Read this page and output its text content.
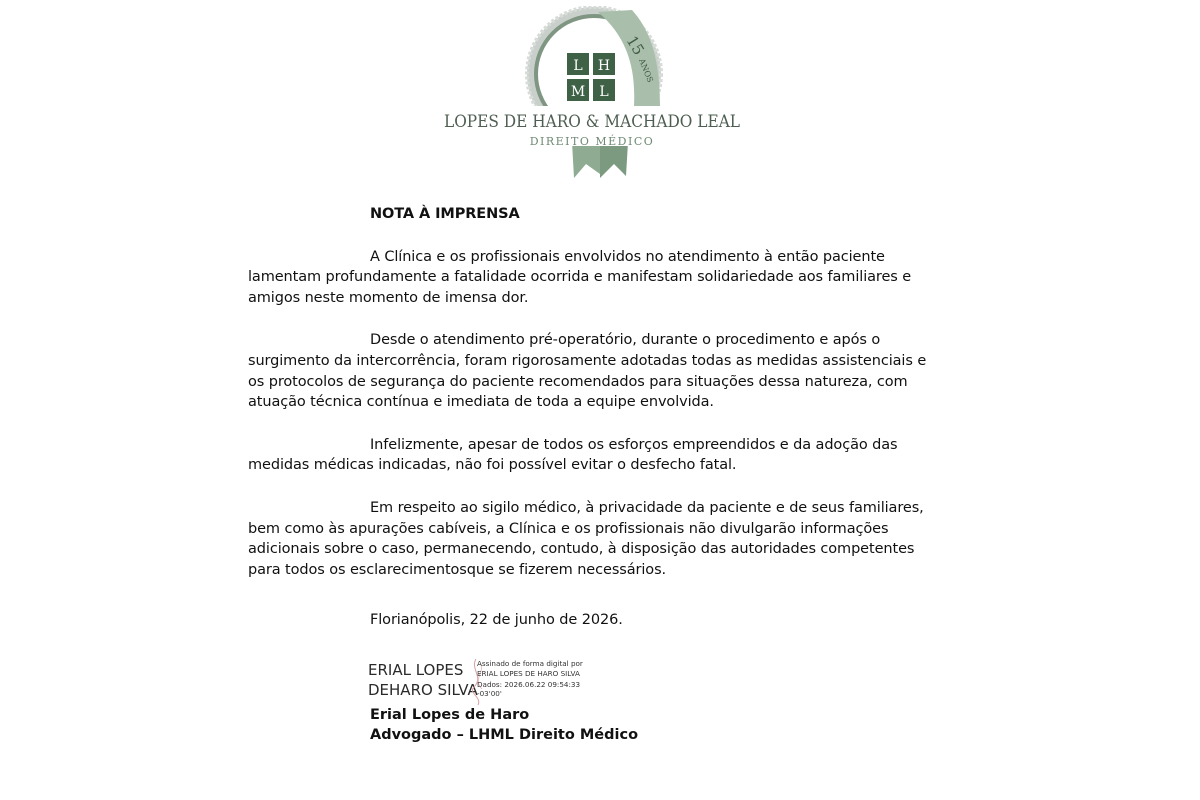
15
ANOS
L H
M L
LOPES DE HARO & MACHADO LEAL
DIREITO MÉDICO
NOTA À IMPRENSA

A Clínica e os profissionais envolvidos no atendimento à então paciente lamentam profundamente a fatalidade ocorrida e manifestam solidariedade aos familiares e amigos neste momento de imensa dor.

Desde o atendimento pré-operatório, durante o procedimento e após o surgimento da intercorrência, foram rigorosamente adotadas todas as medidas assistenciais e os protocolos de segurança do paciente recomendados para situações dessa natureza, com atuação técnica contínua e imediata de toda a equipe envolvida.

Infelizmente, apesar de todos os esforços empreendidos e da adoção das medidas médicas indicadas, não foi possível evitar o desfecho fatal.

Em respeito ao sigilo médico, à privacidade da paciente e de seus familiares, bem como às apurações cabíveis, a Clínica e os profissionais não divulgarão informações adicionais sobre o caso, permanecendo, contudo, à disposição das autoridades competentes para todos os esclarecimentosque se fizerem necessários.

Florianópolis, 22 de junho de 2026.
ERIAL LOPES
DEHARO SILVA
Assinado de forma digital por
ERIAL LOPES DE HARO SILVA
Dados: 2026.06.22 09:54:33
-03'00'
Erial Lopes de Haro
Advogado – LHML Direito Médico
